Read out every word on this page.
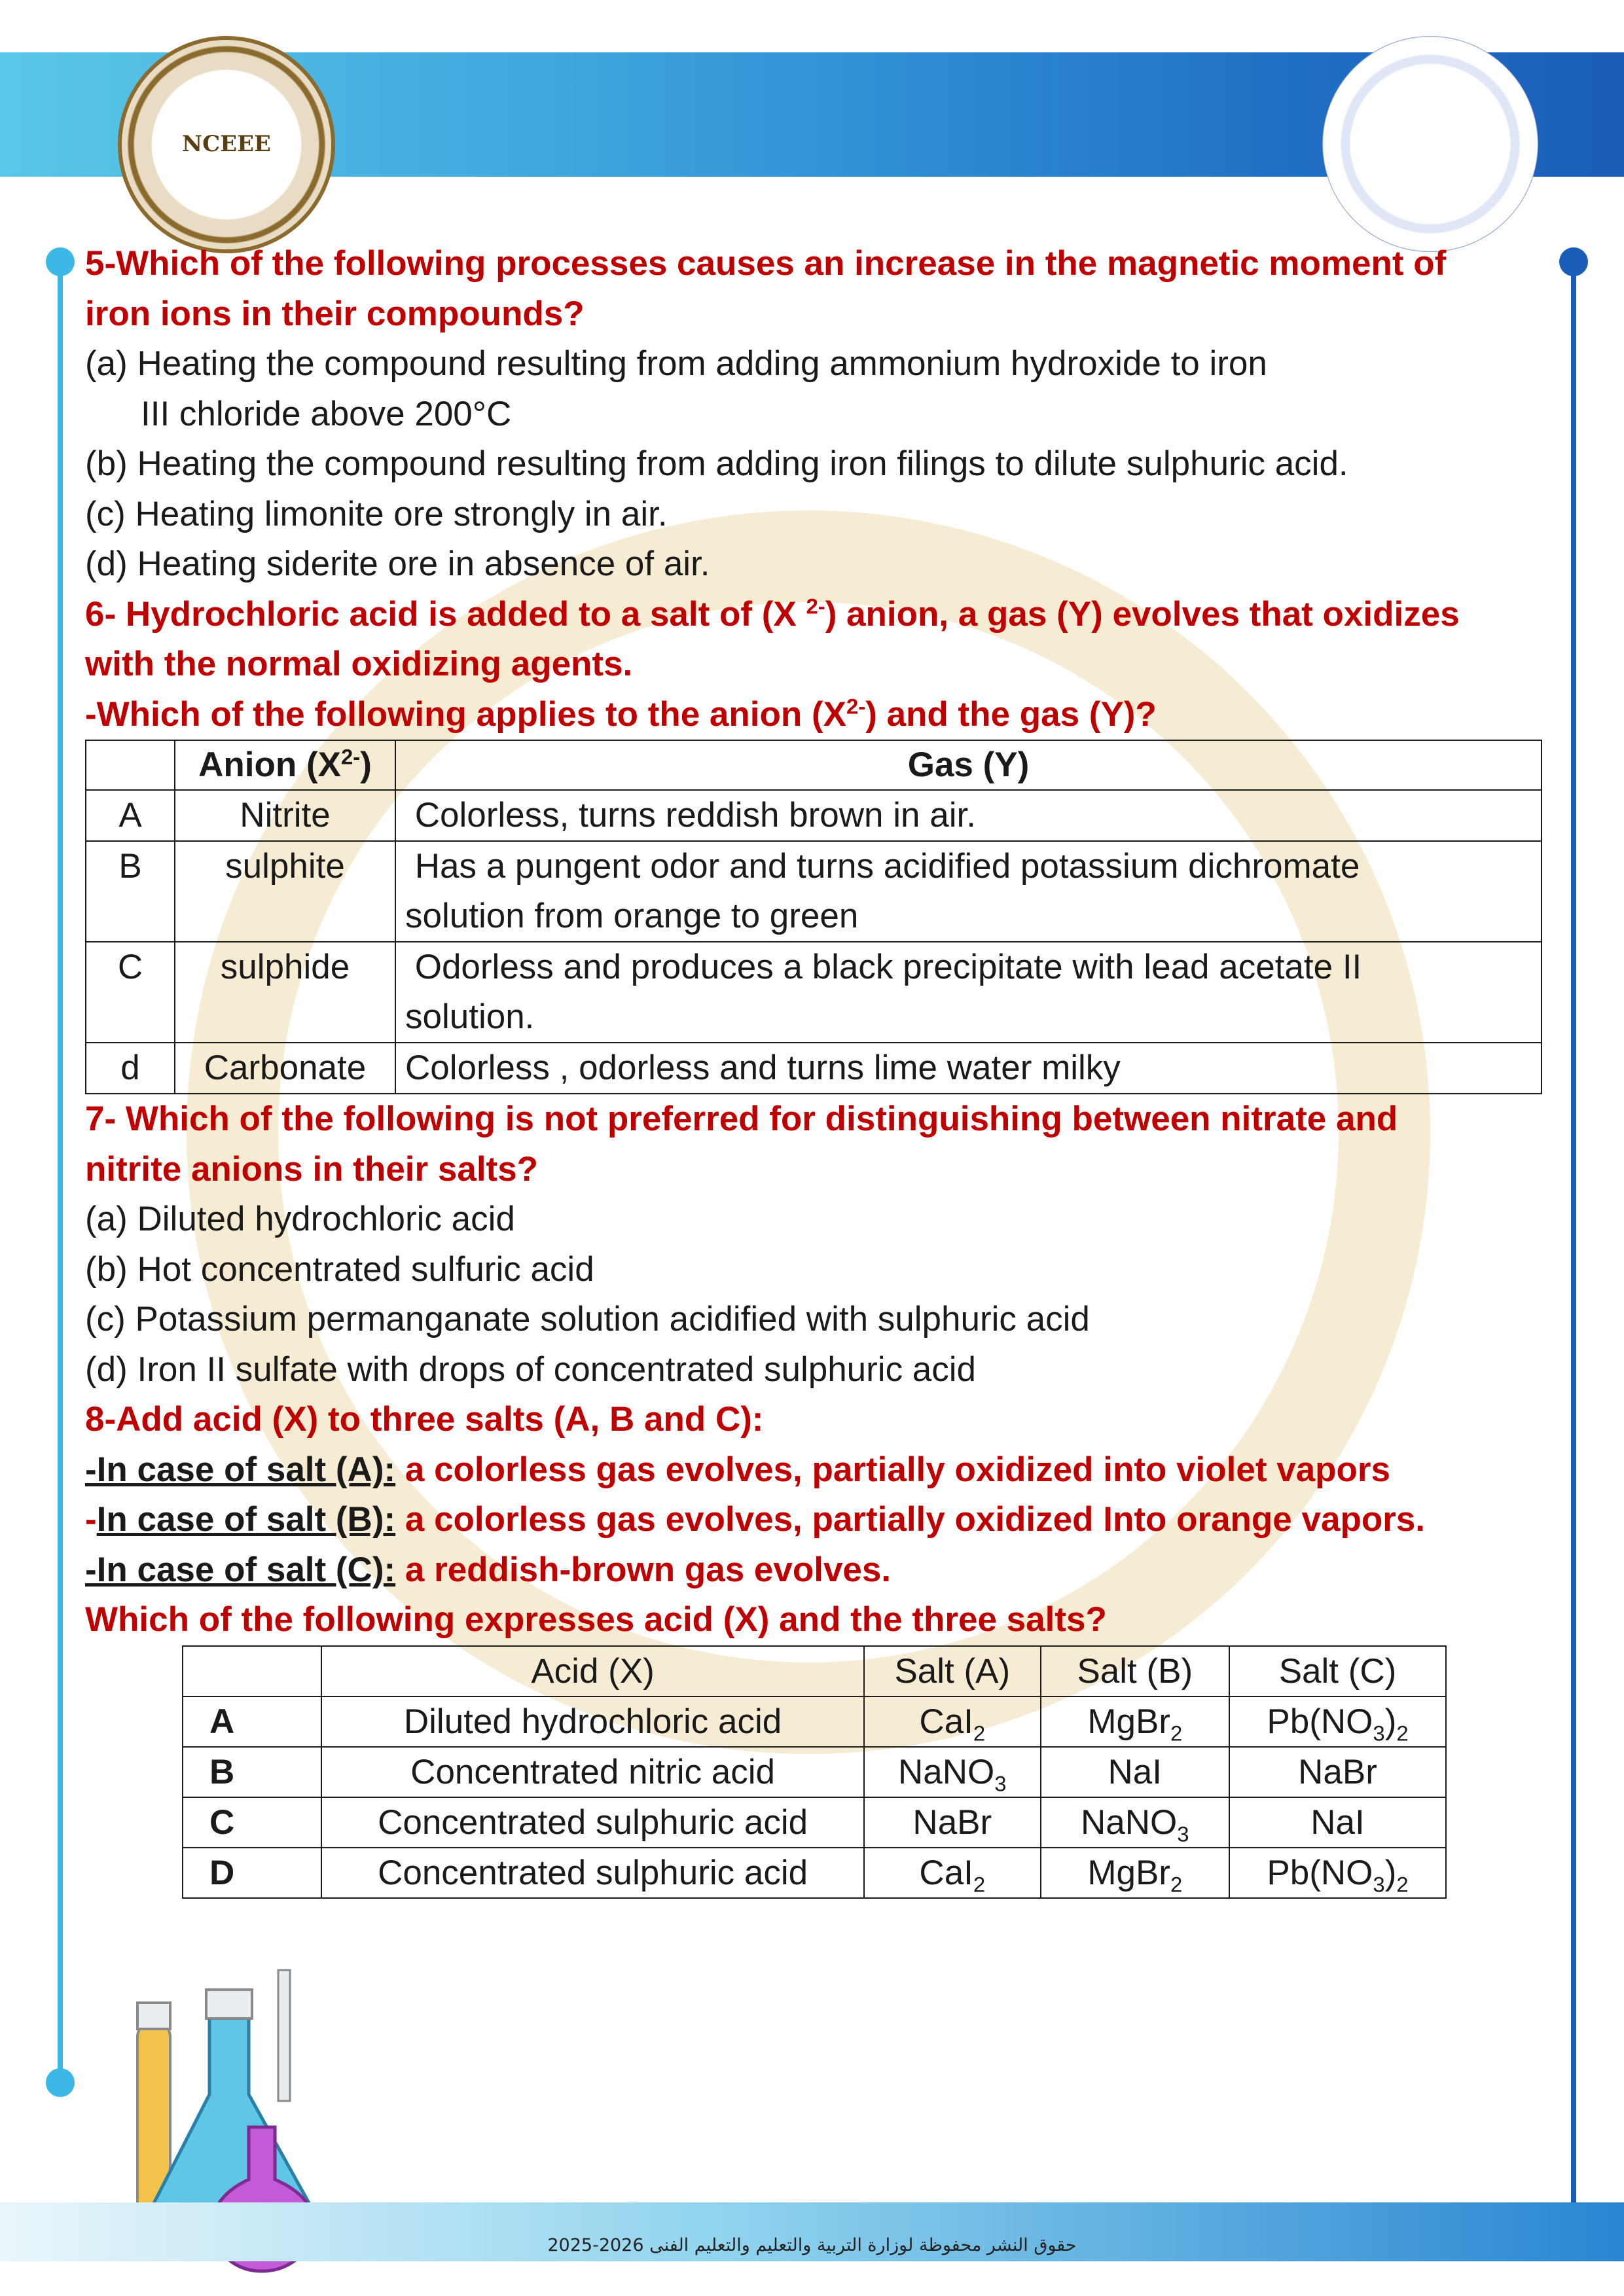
NCEEE
حقوق النشر محفوظة لوزارة التربية والتعليم والتعليم الفنى 2026-2025
5-Which of the following processes causes an increase in the magnetic moment of
iron ions in their compounds?
(a) Heating the compound resulting from adding ammonium hydroxide to iron
III chloride above 200°C
(b) Heating the compound resulting from adding iron filings to dilute sulphuric acid.
(c) Heating limonite ore strongly in air.
(d) Heating siderite ore in absence of air.
6- Hydrochloric acid is added to a salt of (X $^{2-}$) anion, a gas (Y) evolves that oxidizes
with the normal oxidizing agents.
-Which of the following applies to the anion $(X^{2-})$ and the gas (Y)?
	Anion $(X^{2-})$	Gas (Y)
A	Nitrite	Colorless, turns reddish brown in air.

B	sulphite	Has a pungent odor and turns acidified potassium dichromate
solution from orange to green

C	sulphide	Odorless and produces a black precipitate with lead acetate II
solution.

d	Carbonate	Colorless , odorless and turns lime water milky
7- Which of the following is not preferred for distinguishing between nitrate and
nitrite anions in their salts?
(a) Diluted hydrochloric acid
(b) Hot concentrated sulfuric acid
(c) Potassium permanganate solution acidified with sulphuric acid
(d) Iron II sulfate with drops of concentrated sulphuric acid
8-Add acid (X) to three salts (A, B and C):
-In case of salt (A): a colorless gas evolves, partially oxidized into violet vapors
-In case of salt (B): a colorless gas evolves, partially oxidized Into orange vapors.
-In case of salt (C): a reddish-brown gas evolves.
Which of the following expresses acid (X) and the three salts?
	Acid (X)	Salt (A)	Salt (B)	Salt (C)
A	Diluted hydrochloric acid	CaI$_2$	MgBr$_2$	$Pb(NO_3)_2$
B	Concentrated nitric acid	NaNO$_3$	NaI	NaBr
C	Concentrated sulphuric acid	NaBr	NaNO$_3$	NaI
D	Concentrated sulphuric acid	CaI$_2$	MgBr$_2$	$Pb(NO_3)_2$
